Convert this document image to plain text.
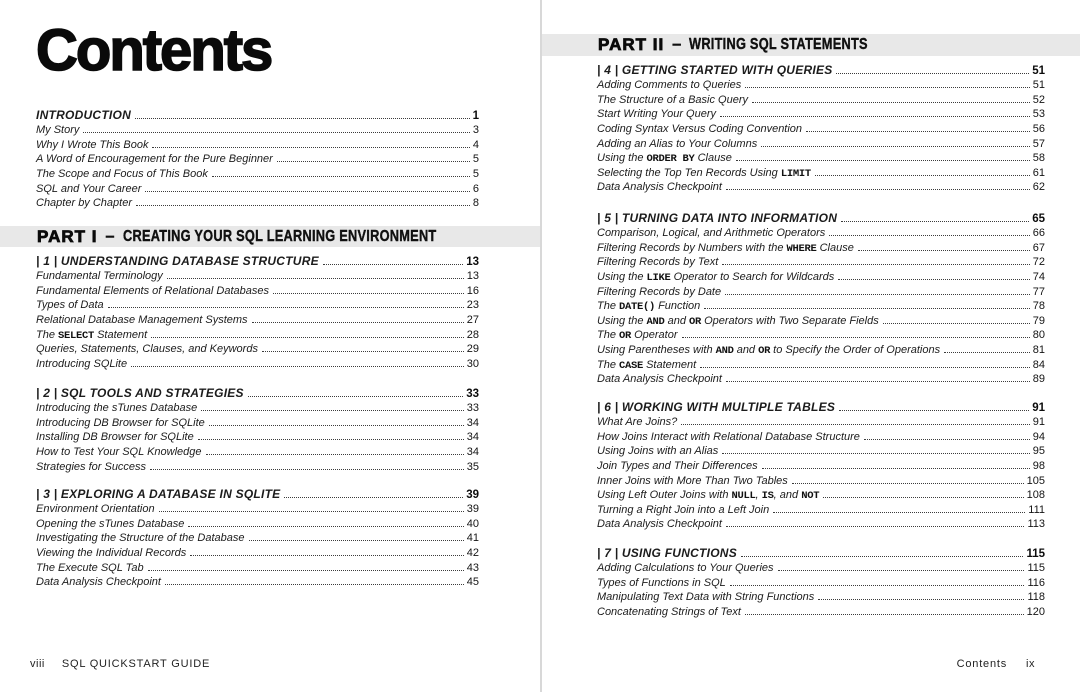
Contents
INTRODUCTION	1
My Story	3
Why I Wrote This Book	4
A Word of Encouragement for the Pure Beginner	5
The Scope and Focus of This Book	5
SQL and Your Career	6
Chapter by Chapter	8
PART I – CREATING YOUR SQL LEARNING ENVIRONMENT
| 1 | UNDERSTANDING DATABASE STRUCTURE	13
Fundamental Terminology	13
Fundamental Elements of Relational Databases	16
Types of Data	23
Relational Database Management Systems	27
The SELECT Statement	28
Queries, Statements, Clauses, and Keywords	29
Introducing SQLite	30
| 2 | SQL TOOLS AND STRATEGIES	33
Introducing the sTunes Database	33
Introducing DB Browser for SQLite	34
Installing DB Browser for SQLite	34
How to Test Your SQL Knowledge	34
Strategies for Success	35
| 3 | EXPLORING A DATABASE IN SQLITE	39
Environment Orientation	39
Opening the sTunes Database	40
Investigating the Structure of the Database	41
Viewing the Individual Records	42
The Execute SQL Tab	43
Data Analysis Checkpoint	45
viii SQL QUICKSTART GUIDE
PART II – WRITING SQL STATEMENTS
| 4 | GETTING STARTED WITH QUERIES	51
Adding Comments to Queries	51
The Structure of a Basic Query	52
Start Writing Your Query	53
Coding Syntax Versus Coding Convention	56
Adding an Alias to Your Columns	57
Using the ORDER BY Clause	58
Selecting the Top Ten Records Using LIMIT	61
Data Analysis Checkpoint	62
| 5 | TURNING DATA INTO INFORMATION	65
Comparison, Logical, and Arithmetic Operators	66
Filtering Records by Numbers with the WHERE Clause	67
Filtering Records by Text	72
Using the LIKE Operator to Search for Wildcards	74
Filtering Records by Date	77
The DATE() Function	78
Using the AND and OR Operators with Two Separate Fields	79
The OR Operator	80
Using Parentheses with AND and OR to Specify the Order of Operations	81
The CASE Statement	84
Data Analysis Checkpoint	89
| 6 | WORKING WITH MULTIPLE TABLES	91
What Are Joins?	91
How Joins Interact with Relational Database Structure	94
Using Joins with an Alias	95
Join Types and Their Differences	98
Inner Joins with More Than Two Tables	105
Using Left Outer Joins with NULL, IS, and NOT	108
Turning a Right Join into a Left Join	111
Data Analysis Checkpoint	113
| 7 | USING FUNCTIONS	115
Adding Calculations to Your Queries	115
Types of Functions in SQL	116
Manipulating Text Data with String Functions	118
Concatenating Strings of Text	120
Contents ix
